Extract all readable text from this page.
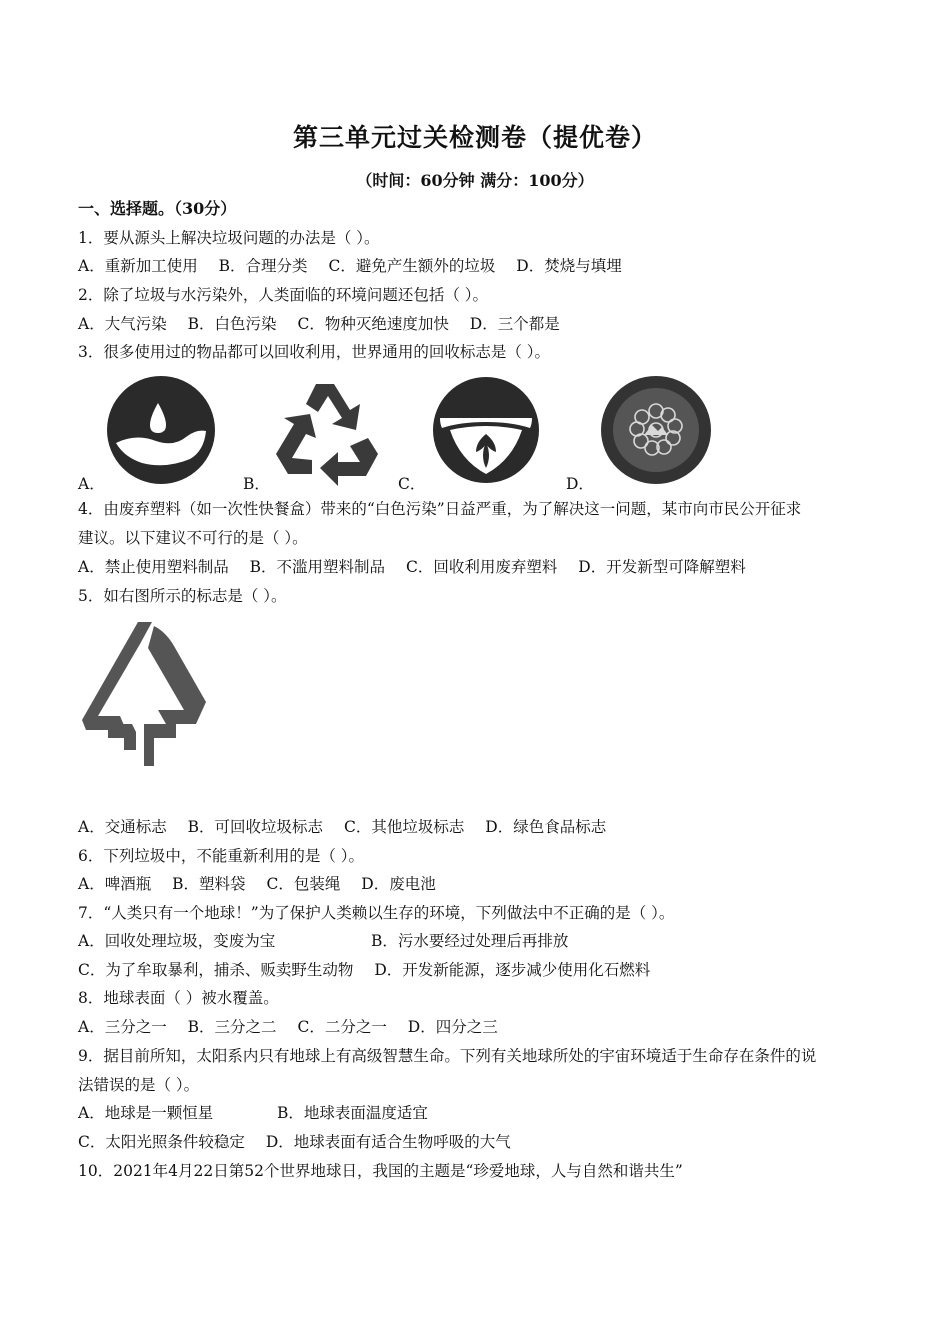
第三单元过关检测卷（提优卷）
（时间：60分钟 满分：100分）
一、选择题。（30分）
1．要从源头上解决垃圾问题的办法是（ ）。
A．重新加工使用 B．合理分类 C．避免产生额外的垃圾 D．焚烧与填埋
2．除了垃圾与水污染外，人类面临的环境问题还包括（ ）。
A．大气污染 B．白色污染 C．物种灭绝速度加快 D．三个都是
3．很多使用过的物品都可以回收利用，世界通用的回收标志是（ ）。
A．	B．	C．	D．
4．由废弃塑料（如一次性快餐盒）带来的“白色污染”日益严重，为了解决这一问题，某市向市民公开征求
建议。以下建议不可行的是（ ）。
A．禁止使用塑料制品 B．不滥用塑料制品 C．回收利用废弃塑料 D．开发新型可降解塑料
5．如右图所示的标志是（ ）。
A．交通标志 B．可回收垃圾标志 C．其他垃圾标志 D．绿色食品标志
6．下列垃圾中，不能重新利用的是（ ）。
A．啤酒瓶 B．塑料袋 C．包装绳 D．废电池
7．“人类只有一个地球！”为了保护人类赖以生存的环境，下列做法中不正确的是（ ）。
A．回收处理垃圾，变废为宝	B．污水要经过处理后再排放
C．为了牟取暴利，捕杀、贩卖野生动物 D．开发新能源，逐步减少使用化石燃料
8．地球表面（ ）被水覆盖。
A．三分之一 B．三分之二 C．二分之一 D．四分之三
9．据目前所知，太阳系内只有地球上有高级智慧生命。下列有关地球所处的宇宙环境适于生命存在条件的说
法错误的是（ ）。
A．地球是一颗恒星	B．地球表面温度适宜
C．太阳光照条件较稳定 D．地球表面有适合生物呼吸的大气
10．2021年4月22日第52个世界地球日，我国的主题是“珍爱地球，人与自然和谐共生”
